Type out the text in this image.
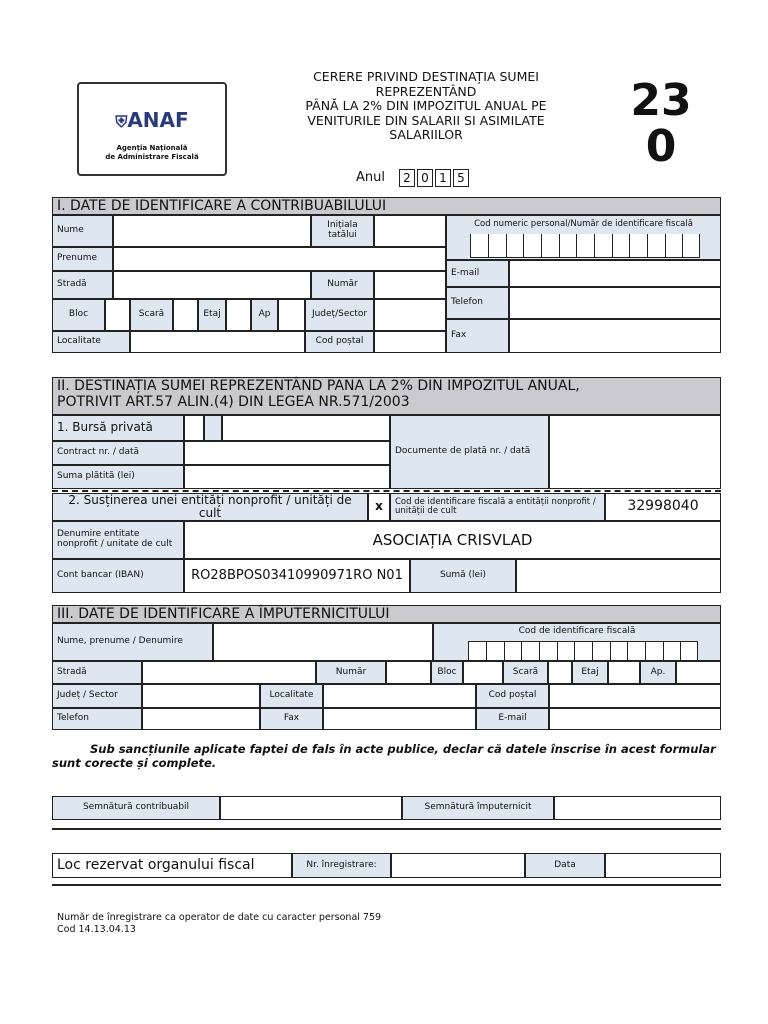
⛨ANAF
Agenția Națională
de Administrare Fiscală
CERERE PRIVIND DESTINAȚIA SUMEI
REPREZENTÂND
PÂNĂ LA 2% DIN IMPOZITUL ANUAL PE
VENITURILE DIN SALARII SI ASIMILATE
SALARIILOR
23
0
Anul	2 0 1 5
I. DATE DE IDENTIFICARE A CONTRIBUABILULUI
Nume	Inițiala tatălui
Prenume
Stradă	Număr
Bloc	Scară	Etaj	Ap	Județ/Sector
Localitate	Cod poștal
Cod numeric personal/Număr de identificare fiscală
E-mail
Telefon
Fax
II. DESTINAȚIA SUMEI REPREZENTÂND PANA LA 2% DIN IMPOZITUL ANUAL,
POTRIVIT ART.57 ALIN.(4) DIN LEGEA NR.571/2003
1. Bursă privată
Contract nr. / dată
Suma plătită (lei)
Documente de plată nr. / dată
2. Susținerea unei entități nonprofit / unități de cult	x	Cod de identificare fiscală a entității nonprofit / unității de cult	32998040
Denumire entitate nonprofit / unitate de cult	ASOCIAȚIA CRISVLAD
Cont bancar (IBAN)	RO28BPOS03410990971RO N01	Sumă (lei)
III. DATE DE IDENTIFICARE A ÎMPUTERNICITULUI
Nume, prenume / Denumire
Cod de identificare fiscală
Stradă	Număr	Bloc	Scară	Etaj	Ap.
Județ / Sector	Localitate	Cod poștal
Telefon	Fax	E-mail
Sub sancțiunile aplicate faptei de fals în acte publice, declar că datele înscrise în acest formular sunt corecte și complete.
Semnătură contribuabil	Semnătură împuternicit
Loc rezervat organului fiscal	Nr. înregistrare:	Data
Număr de înregistrare ca operator de date cu caracter personal 759
Cod 14.13.04.13
